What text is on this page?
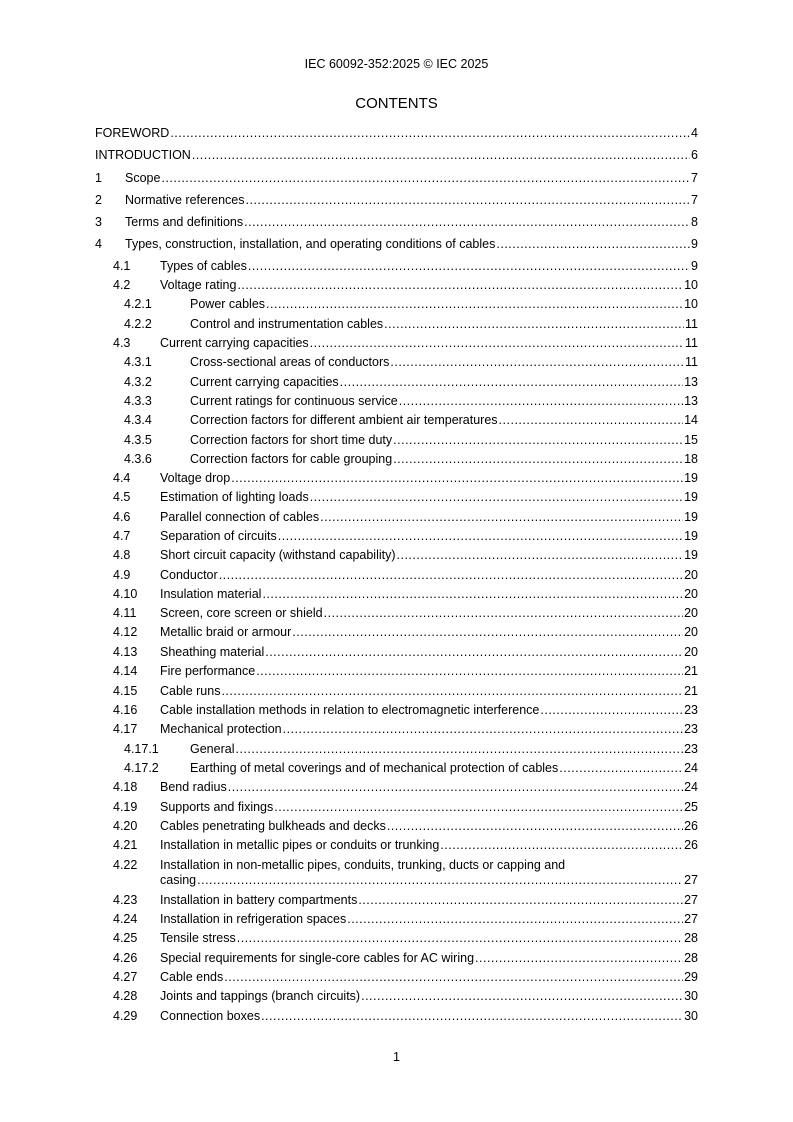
IEC 60092-352:2025 © IEC 2025
CONTENTS
FOREWORD .....	4
INTRODUCTION .....	6
1 Scope .....	7
2 Normative references .....	7
3 Terms and definitions .....	8
4 Types, construction, installation, and operating conditions of cables .....	9
4.1 Types of cables .....	9
4.2 Voltage rating .....	10
4.2.1	Power cables .....	10
4.2.2	Control and instrumentation cables .....	11
4.3 Current carrying capacities .....	11
4.3.1	Cross-sectional areas of conductors .....	11
4.3.2	Current carrying capacities .....	13
4.3.3	Current ratings for continuous service .....	13
4.3.4	Correction factors for different ambient air temperatures .....	14
4.3.5	Correction factors for short time duty .....	15
4.3.6	Correction factors for cable grouping .....	18
4.4 Voltage drop .....	19
4.5 Estimation of lighting loads .....	19
4.6 Parallel connection of cables .....	19
4.7 Separation of circuits .....	19
4.8 Short circuit capacity (withstand capability) .....	19
4.9 Conductor .....	20
4.10 Insulation material .....	20
4.11 Screen, core screen or shield .....	20
4.12 Metallic braid or armour .....	20
4.13 Sheathing material .....	20
4.14 Fire performance .....	21
4.15 Cable runs .....	21
4.16 Cable installation methods in relation to electromagnetic interference .....	23
4.17 Mechanical protection .....	23
4.17.1 General .....	23
4.17.2 Earthing of metal coverings and of mechanical protection of cables .....	24
4.18 Bend radius .....	24
4.19 Supports and fixings .....	25
4.20 Cables penetrating bulkheads and decks .....	26
4.21 Installation in metallic pipes or conduits or trunking .....	26
4.22 Installation in non-metallic pipes, conduits, trunking, ducts or capping and
casing .....	27
4.23 Installation in battery compartments .....	27
4.24 Installation in refrigeration spaces .....	27
4.25 Tensile stress .....	28
4.26 Special requirements for single-core cables for AC wiring .....	28
4.27 Cable ends .....	29
4.28 Joints and tappings (branch circuits) .....	30
4.29 Connection boxes .....	30
1
